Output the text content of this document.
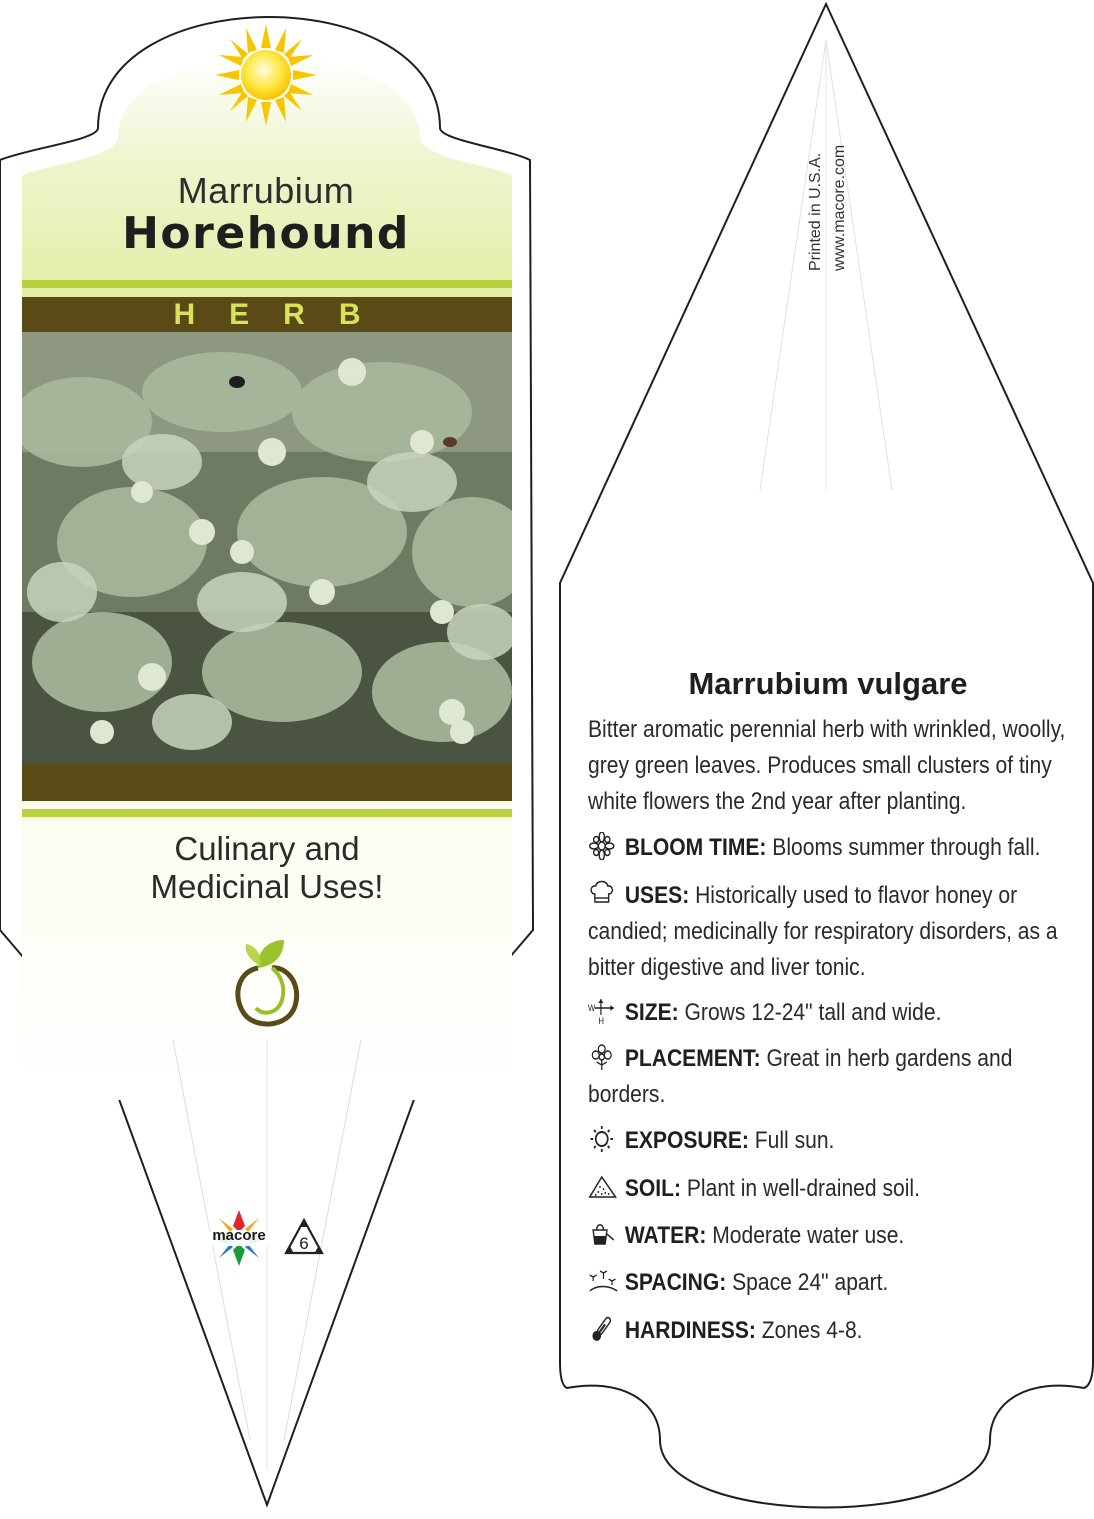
Marrubium
Horehound
HERB
Culinary and
Medicinal Uses!
macore	6
Printed in U.S.A. www.macore.com
Marrubium vulgare
Bitter aromatic perennial herb with wrinkled, woolly, grey green leaves. Produces small clusters of tiny white flowers the 2nd year after planting.
BLOOM TIME: Blooms summer through fall.
USES: Historically used to flavor honey or candied; medicinally for respiratory disorders, as a bitter digestive and liver tonic.
W
H SIZE: Grows 12-24" tall and wide.
PLACEMENT: Great in herb gardens and borders.
EXPOSURE: Full sun.
SOIL: Plant in well-drained soil.
WATER: Moderate water use.
SPACING: Space 24" apart.
HARDINESS: Zones 4-8.
